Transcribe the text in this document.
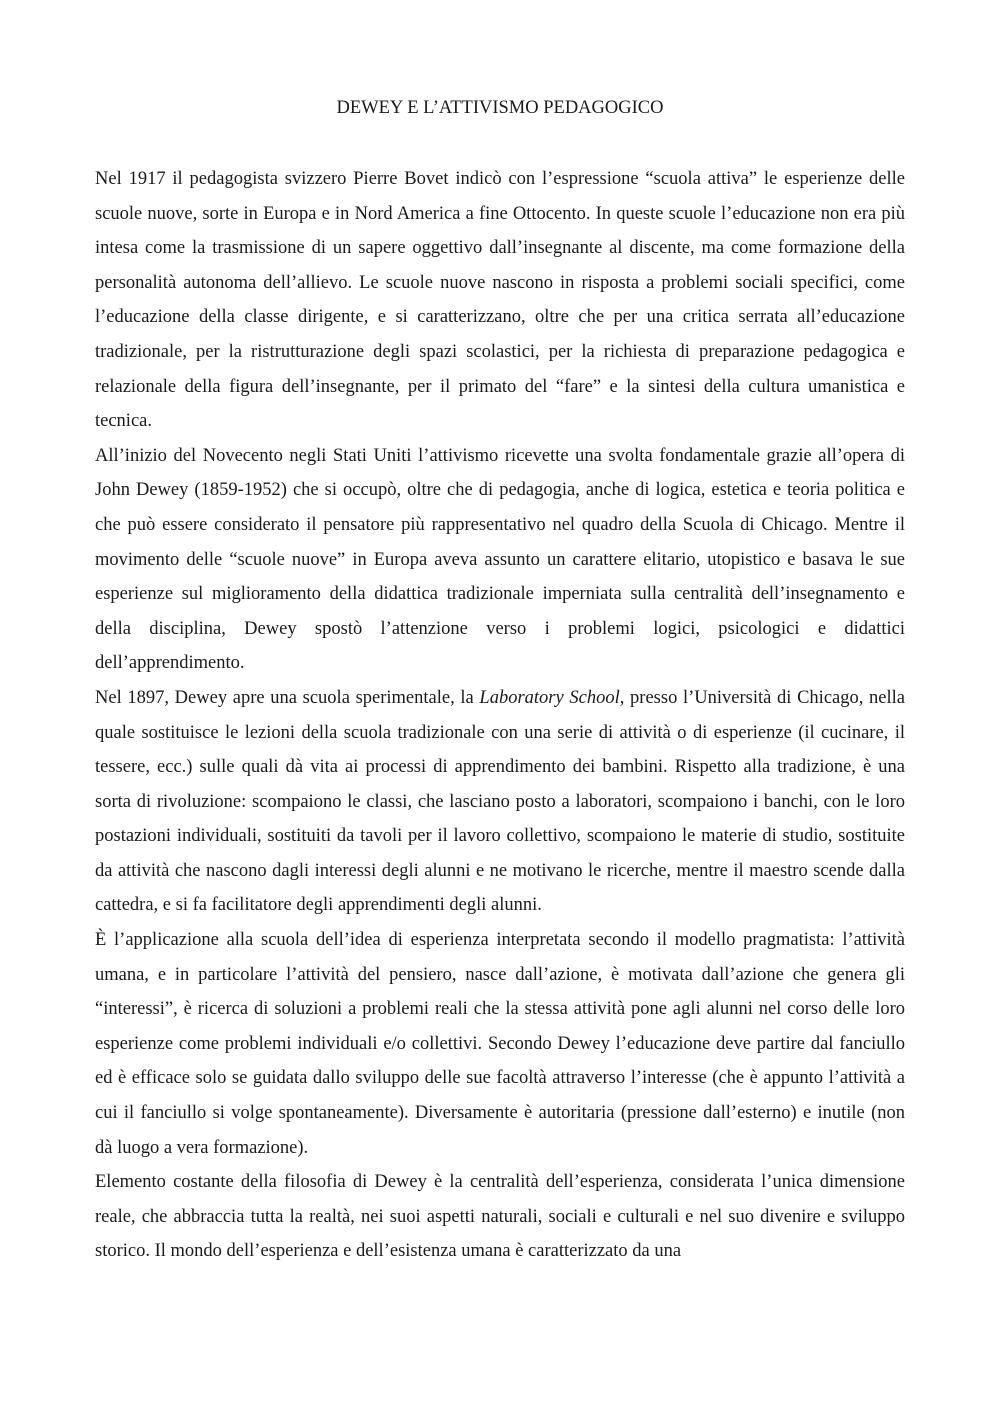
DEWEY E L’ATTIVISMO PEDAGOGICO

Nel 1917 il pedagogista svizzero Pierre Bovet indicò con l’espressione “scuola attiva” le esperienze delle scuole nuove, sorte in Europa e in Nord America a fine Ottocento. In queste scuole l’educazione non era più intesa come la trasmissione di un sapere oggettivo dall’insegnante al discente, ma come formazione della personalità autonoma dell’allievo. Le scuole nuove nascono in risposta a problemi sociali specifici, come l’educazione della classe dirigente, e si caratterizzano, oltre che per una critica serrata all’educazione tradizionale, per la ristrutturazione degli spazi scolastici, per la richiesta di preparazione pedagogica e relazionale della figura dell’insegnante, per il primato del “fare” e la sintesi della cultura umanistica e tecnica.

All’inizio del Novecento negli Stati Uniti l’attivismo ricevette una svolta fondamentale grazie all’opera di John Dewey (1859-1952) che si occupò, oltre che di pedagogia, anche di logica, estetica e teoria politica e che può essere considerato il pensatore più rappresentativo nel quadro della Scuola di Chicago. Mentre il movimento delle “scuole nuove” in Europa aveva assunto un carattere elitario, utopistico e basava le sue esperienze sul miglioramento della didattica tradizionale imperniata sulla centralità dell’insegnamento e della disciplina, Dewey spostò l’attenzione verso i problemi logici, psicologici e didattici dell’apprendimento.

Nel 1897, Dewey apre una scuola sperimentale, la Laboratory School, presso l’Università di Chicago, nella quale sostituisce le lezioni della scuola tradizionale con una serie di attività o di esperienze (il cucinare, il tessere, ecc.) sulle quali dà vita ai processi di apprendimento dei bambini. Rispetto alla tradizione, è una sorta di rivoluzione: scompaiono le classi, che lasciano posto a laboratori, scompaiono i banchi, con le loro postazioni individuali, sostituiti da tavoli per il lavoro collettivo, scompaiono le materie di studio, sostituite da attività che nascono dagli interessi degli alunni e ne motivano le ricerche, mentre il maestro scende dalla cattedra, e si fa facilitatore degli apprendimenti degli alunni.

È l’applicazione alla scuola dell’idea di esperienza interpretata secondo il modello pragmatista: l’attività umana, e in particolare l’attività del pensiero, nasce dall’azione, è motivata dall’azione che genera gli “interessi”, è ricerca di soluzioni a problemi reali che la stessa attività pone agli alunni nel corso delle loro esperienze come problemi individuali e/o collettivi. Secondo Dewey l’educazione deve partire dal fanciullo ed è efficace solo se guidata dallo sviluppo delle sue facoltà attraverso l’interesse (che è appunto l’attività a cui il fanciullo si volge spontaneamente). Diversamente è autoritaria (pressione dall’esterno) e inutile (non dà luogo a vera formazione).

Elemento costante della filosofia di Dewey è la centralità dell’esperienza, considerata l’unica dimensione reale, che abbraccia tutta la realtà, nei suoi aspetti naturali, sociali e culturali e nel suo divenire e sviluppo storico. Il mondo dell’esperienza e dell’esistenza umana è caratterizzato da una
